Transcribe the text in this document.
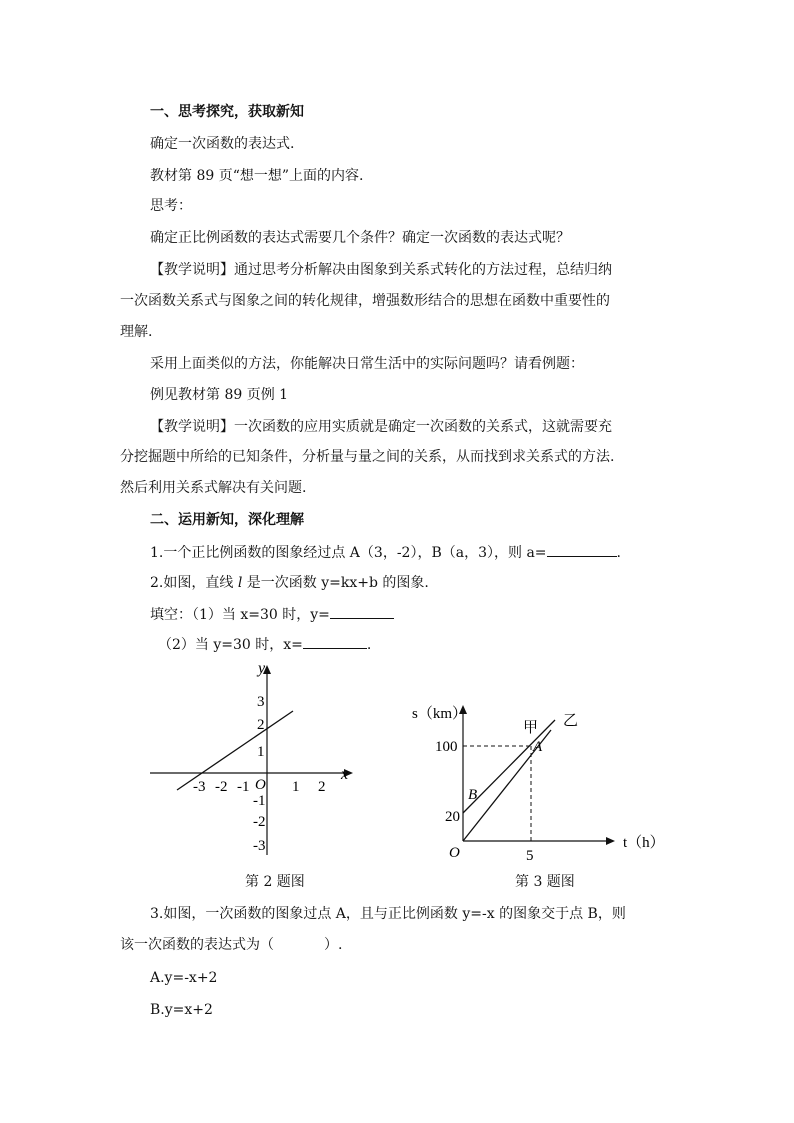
一、思考探究，获取新知
确定一次函数的表达式.
教材第 89 页“想一想”上面的内容.
思考：
确定正比例函数的表达式需要几个条件？确定一次函数的表达式呢？
【教学说明】通过思考分析解决由图象到关系式转化的方法过程，总结归纳
一次函数关系式与图象之间的转化规律，增强数形结合的思想在函数中重要性的
理解.
采用上面类似的方法，你能解决日常生活中的实际问题吗？请看例题：
例见教材第 89 页例 1
【教学说明】一次函数的应用实质就是确定一次函数的关系式，这就需要充
分挖掘题中所给的已知条件，分析量与量之间的关系，从而找到求关系式的方法.
然后利用关系式解决有关问题.
二、运用新知，深化理解
1.一个正比例函数的图象经过点 A（3，-2），B（a，3），则 a=	.
2.如图，直线 l 是一次函数 y=kx+b 的图象.
填空：（1）当 x=30 时，y=
（2）当 y=30 时，x=	.
x
y
O
-3 -2 -1	1 2
3
2
1
-1
-2
-3
第 2 题图
s（km）
t（h）
O
100
20
5
甲 乙
A
B
第 3 题图
3.如图，一次函数的图象过点 A，且与正比例函数 y=-x 的图象交于点 B，则
该一次函数的表达式为（	）.
A.y=-x+2
B.y=x+2
